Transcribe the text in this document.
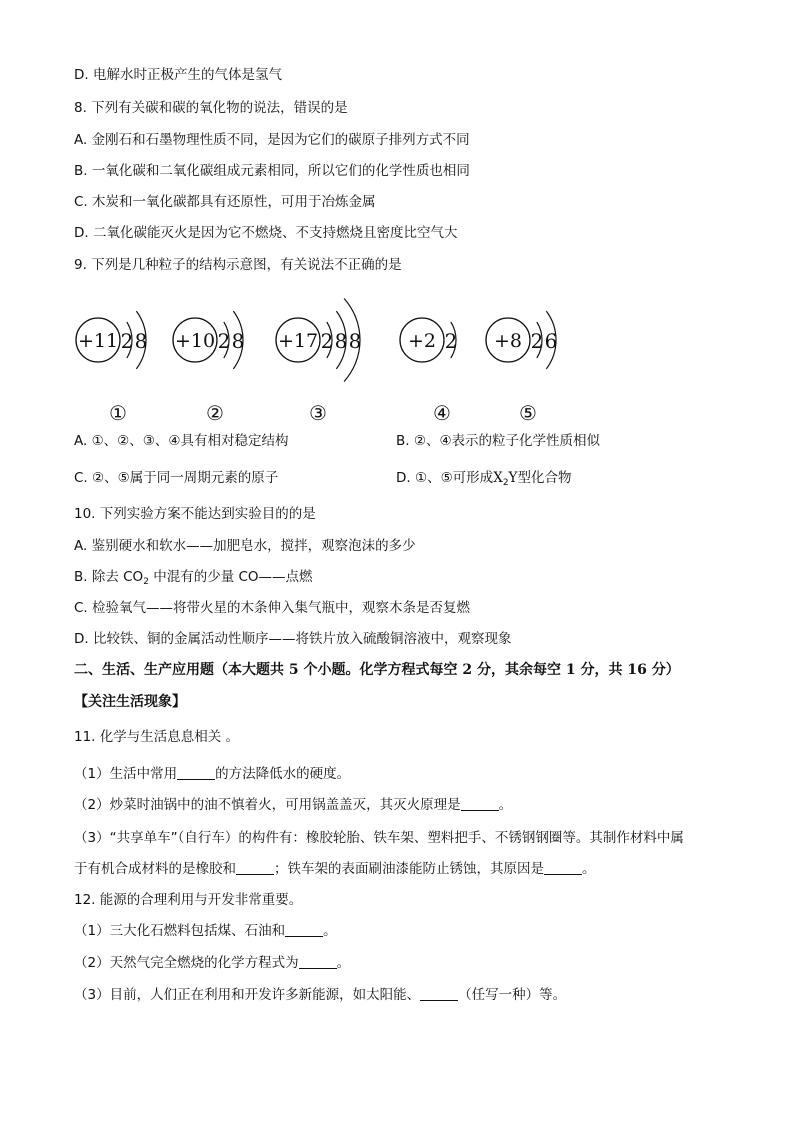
D. 电解水时正极产生的气体是氢气
8. 下列有关碳和碳的氧化物的说法，错误的是
A. 金刚石和石墨物理性质不同，是因为它们的碳原子排列方式不同
B. 一氧化碳和二氧化碳组成元素相同，所以它们的化学性质也相同
C. 木炭和一氧化碳都具有还原性，可用于冶炼金属
D. 二氧化碳能灭火是因为它不燃烧、不支持燃烧且密度比空气大
9. 下列是几种粒子的结构示意图，有关说法不正确的是
+11 2 8
①
+10 2 8
②
+17 2 8 8
③
+2 2
④
+8 2 6
⑤
A. ①、②、③、④具有相对稳定结构	B. ②、④表示的粒子化学性质相似
C. ②、⑤属于同一周期元素的原子	D. ①、⑤可形成$X_2Y$型化合物
10. 下列实验方案不能达到实验目的的是
A. 鉴别硬水和软水——加肥皂水，搅拌，观察泡沫的多少
B. 除去 $CO_2$ 中混有的少量 CO——点燃
C. 检验氧气——将带火星的木条伸入集气瓶中，观察木条是否复燃
D. 比较铁、铜的金属活动性顺序——将铁片放入硫酸铜溶液中，观察现象
二、生活、生产应用题（本大题共 5 个小题。化学方程式每空 2 分，其余每空 1 分，共 16 分）
【关注生活现象】
11. 化学与生活息息相关 。
（1）生活中常用	的方法降低水的硬度。
（2）炒菜时油锅中的油不慎着火，可用锅盖盖灭，其灭火原理是	。
（3）“共享单车”（自行车）的构件有：橡胶轮胎、铁车架、塑料把手、不锈钢钢圈等。其制作材料中属
于有机合成材料的是橡胶和	；铁车架的表面刷油漆能防止锈蚀，其原因是	。
12. 能源的合理利用与开发非常重要。
（1）三大化石燃料包括煤、石油和	。
（2）天然气完全燃烧的化学方程式为	。
（3）目前，人们正在利用和开发许多新能源，如太阳能、	（任写一种）等。
